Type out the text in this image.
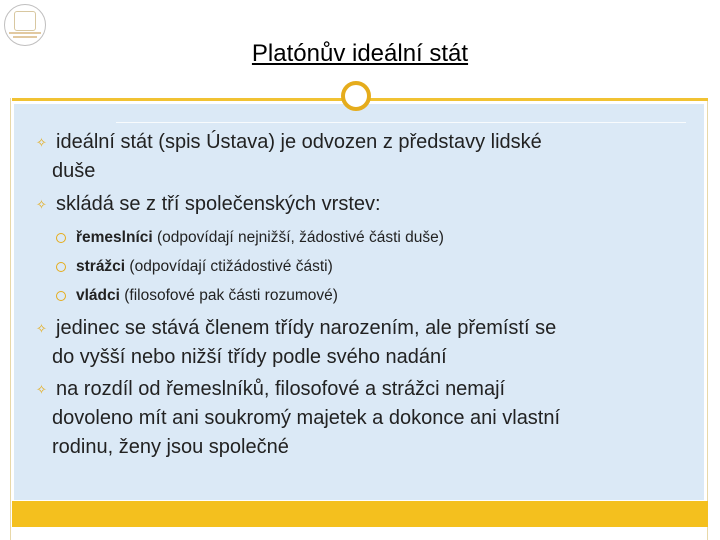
Platónův ideální stát
✧ ideální stát (spis Ústava) je odvozen z představy lidské
duše
✧ skládá se z tří společenských vrstev:
řemeslníci (odpovídají nejnižší, žádostivé části duše)
strážci (odpovídají ctižádostivé části)
vládci (filosofové pak části rozumové)
✧ jedinec se stává členem třídy narozením, ale přemístí se
do vyšší nebo nižší třídy podle svého nadání
✧ na rozdíl od řemeslníků, filosofové a strážci nemají
dovoleno mít ani soukromý majetek a dokonce ani vlastní
rodinu, ženy jsou společné
